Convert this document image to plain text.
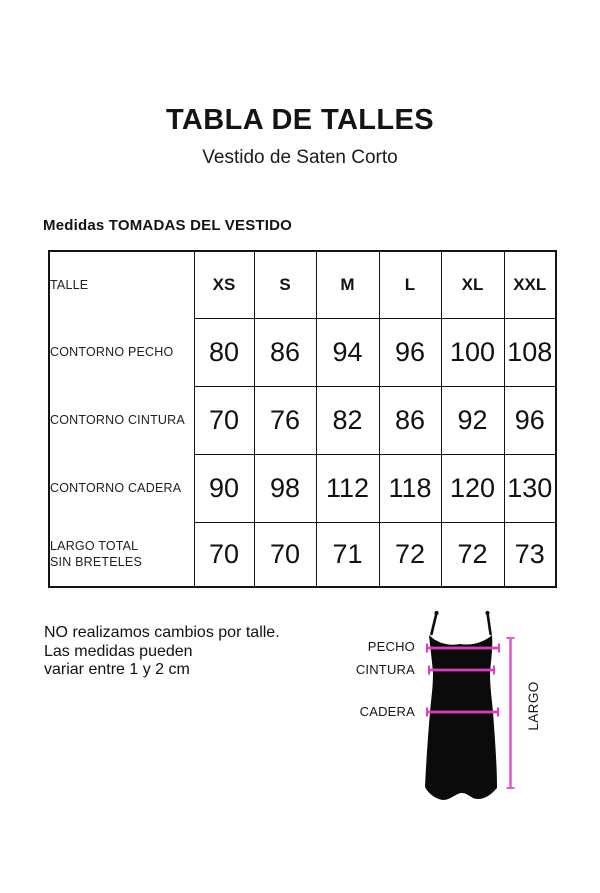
TABLA DE TALLES
Vestido de Saten Corto
Medidas TOMADAS DEL VESTIDO
TALLE	XS	S	M	L	XL	XXL

CONTORNO PECHO	80	86	94	96	100	108

CONTORNO CINTURA	70	76	82	86	92	96

CONTORNO CADERA	90	98	112	118	120	130

LARGO TOTAL
SIN BRETELES	70	70	71	72	72	73
NO realizamos cambios por talle.
Las medidas pueden
variar entre 1 y 2 cm
PECHO
CINTURA
CADERA	LARGO
